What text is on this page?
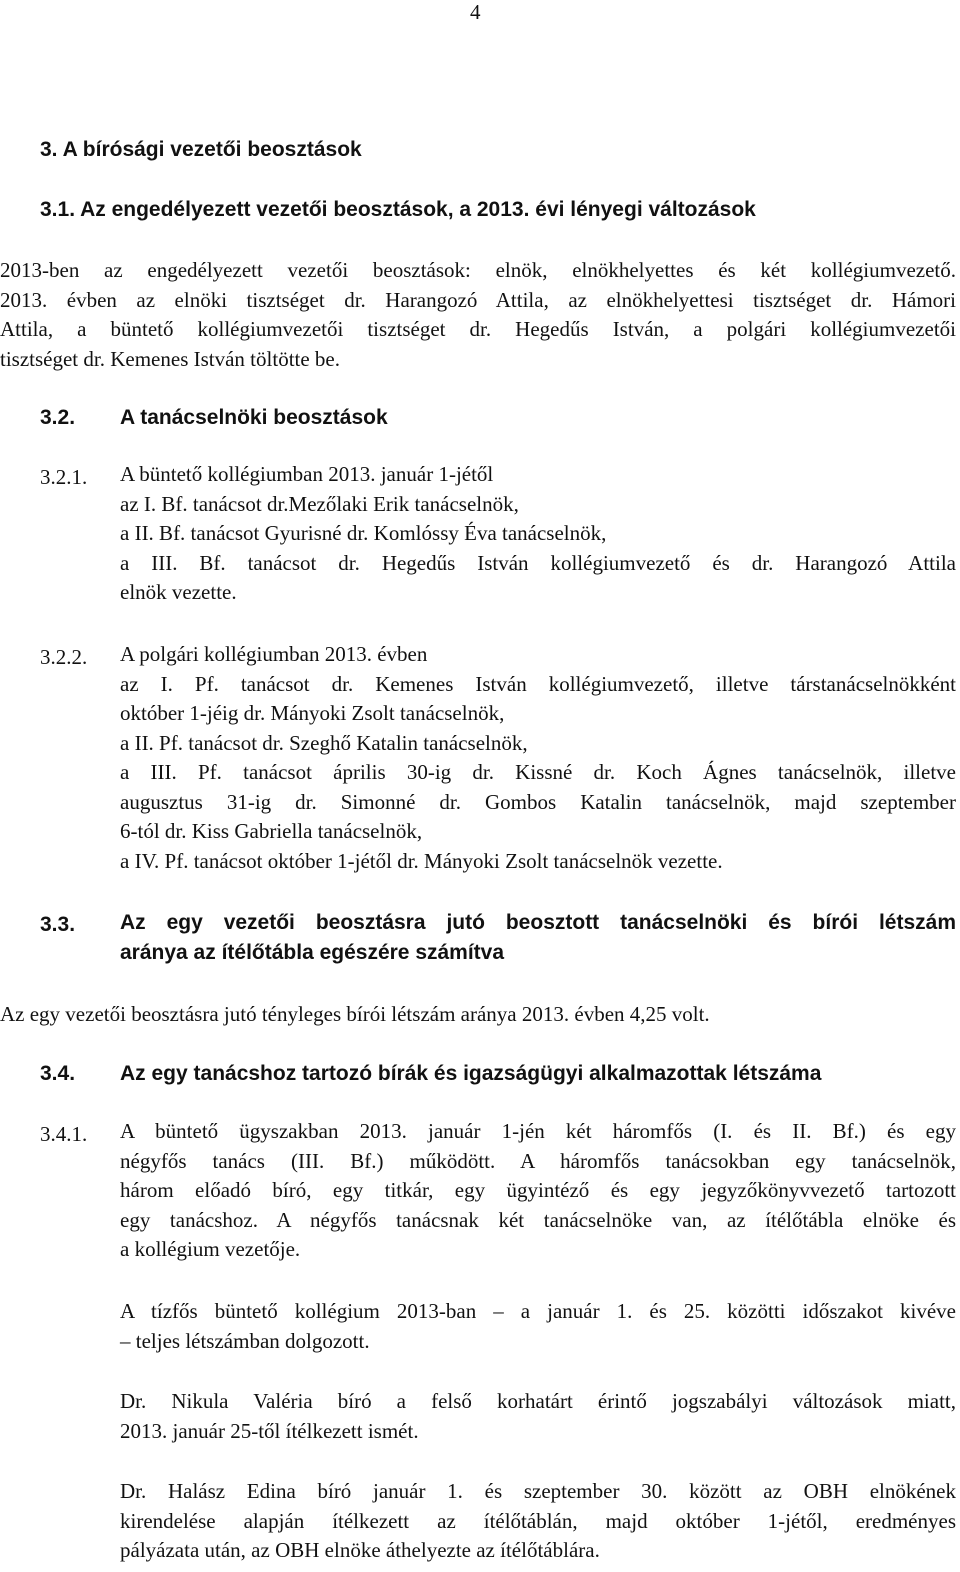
4
3. A bírósági vezetői beosztások
3.1. Az engedélyezett vezetői beosztások, a 2013. évi lényegi változások
2013-ben az engedélyezett vezetői beosztások: elnök, elnökhelyettes és két kollégiumvezető.
2013. évben az elnöki tisztséget dr. Harangozó Attila, az elnökhelyettesi tisztséget dr. Hámori
Attila, a büntető kollégiumvezetői tisztséget dr. Hegedűs István, a polgári kollégiumvezetői
tisztséget dr. Kemenes István töltötte be.
3.2. A tanácselnöki beosztások
3.2.1. A büntető kollégiumban 2013. január 1-jétől
az I. Bf. tanácsot dr.Mezőlaki Erik tanácselnök,
a II. Bf. tanácsot Gyurisné dr. Komlóssy Éva tanácselnök,
a III. Bf. tanácsot dr. Hegedűs István kollégiumvezető és dr. Harangozó Attila
elnök vezette.
3.2.2. A polgári kollégiumban 2013. évben
az I. Pf. tanácsot dr. Kemenes István kollégiumvezető, illetve társtanácselnökként
október 1-jéig dr. Mányoki Zsolt tanácselnök,
a II. Pf. tanácsot dr. Szeghő Katalin tanácselnök,
a III. Pf. tanácsot április 30-ig dr. Kissné dr. Koch Ágnes tanácselnök, illetve
augusztus 31-ig dr. Simonné dr. Gombos Katalin tanácselnök, majd szeptember
6-tól dr. Kiss Gabriella tanácselnök,
a IV. Pf. tanácsot október 1-jétől dr. Mányoki Zsolt tanácselnök vezette.
3.3. Az egy vezetői beosztásra jutó beosztott tanácselnöki és bírói létszám
aránya az ítélőtábla egészére számítva
Az egy vezetői beosztásra jutó tényleges bírói létszám aránya 2013. évben 4,25 volt.
3.4. Az egy tanácshoz tartozó bírák és igazságügyi alkalmazottak létszáma
3.4.1. A büntető ügyszakban 2013. január 1-jén két háromfős (I. és II. Bf.) és egy
négyfős tanács (III. Bf.) működött. A háromfős tanácsokban egy tanácselnök,
három előadó bíró, egy titkár, egy ügyintéző és egy jegyzőkönyvvezető tartozott
egy tanácshoz. A négyfős tanácsnak két tanácselnöke van, az ítélőtábla elnöke és
a kollégium vezetője.
A tízfős büntető kollégium 2013-ban – a január 1. és 25. közötti időszakot kivéve
– teljes létszámban dolgozott.
Dr. Nikula Valéria bíró a felső korhatárt érintő jogszabályi változások miatt,
2013. január 25-től ítélkezett ismét.
Dr. Halász Edina bíró január 1. és szeptember 30. között az OBH elnökének
kirendelése alapján ítélkezett az ítélőtáblán, majd október 1-jétől, eredményes
pályázata után, az OBH elnöke áthelyezte az ítélőtáblára.
